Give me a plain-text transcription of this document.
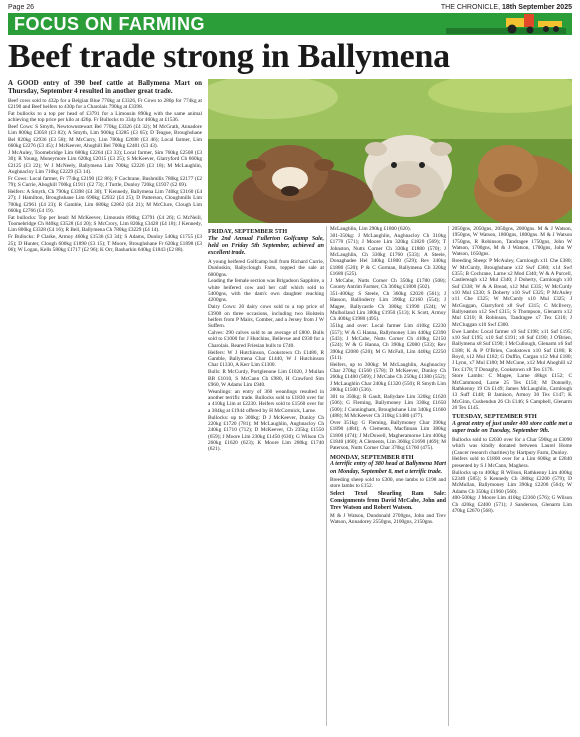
Page 26	THE CHRONICLE, 18th September 2025
FOCUS ON FARMING
Beef trade strong in Ballymena

A GOOD entry of 390 beef cattle at Ballymena Mart on Thursday, September 4 resulted in another great trade.

Beef cows sold to 432p for a Belgian Blue 770kg at £3326, Fr Cows to 286p for 774kg at £2190 and Beef heifers to 430p for a Charolais 790kg at £3398.

Fat bullocks to a top per head of £3791 for a Limousin 890kg with the same animal achieving the top price per kilo at 426p. Fr Bullocks to 334p for 460kg at £1536.

Beef Cows: S Smyth, Newtownstewart Bel 770kg £3326 (£4 32); M McGrath, Annadore Lim 800kg £3058 (£3 82); A Smyth, Lim 900kg £3285 (£3 65); D Teague, Broughshane Bel 820kg £2936 (£3 58); M McCurry, Lim 780kg £2698 (£3 46); Local farmer, Lim 660kg £2276 (£3 45); J McKeever, Ahoghill Bel 700kg £2401 (£3 43).

J McAuley, Toomebridge Lim 680kg £2264 (£3 33); Local farmer, Sim 760kg £2508 (£3 30); R Young, Moneymore Lim 620kg £2015 (£3 25); S McKeever, Glarryford Ch 660kg £2125 (£3 22); W J McNeely, Ballymena Lim 700kg £2226 (£3 18); M McLaughlin, Aughnacloy Lim 710kg £2229 (£3 14).

Fr Cows: Local farmer, Fr 774kg £2190 (£2 86); F Cochrane, Bushmills 780kg £2177 (£2 79); S Currie, Ahoghill 700kg £1911 (£2 73); J Turtle, Dunloy 720kg £1937 (£2 69).

Heifers: A Smyth, Ch 790kg £3398 (£4 30); T Kennedy, Ballymena Lim 740kg £3160 (£4 27); J Hamilton, Broughshane Lim 690kg £2932 (£4 25); D Patterson, Cloughmills Lim 700kg £2961 (£4 23); R Gamble, Lim 680kg £2862 (£4 21); M McClure, Clough Lim 660kg £2766 (£4 19).

Fat bullocks: Top per head: M McKeever, Limousin 890kg £3791 (£4 26); G McNeill, Toomebridge Ch 840kg £3528 (£4 20); S McCrory, Lim 820kg £3428 (£4 18); J Kennedy, Lim 800kg £3328 (£4 16); R Bell, Ballymena Ch 780kg £3229 (£4 14).

Fr Bullocks: P Clarke, Armoy 460kg £1536 (£3 34); S Adams, Dunloy 540kg £1755 (£3 25); D Hunter, Clough 600kg £1890 (£3 15); T Moore, Broughshane Fr 620kg £1898 (£3 06); W Logan, Kells 580kg £1717 (£2 96); K Orr, Rasharkin 640kg £1843 (£2 88).

FRIDAY, SEPTEMBER 5TH

The 2nd Annual Fullerton Golfcamp Sale, held on Friday 5th September, achieved an excellent trade.

A young heifered Golfcamp bull from Richard Currie, Dunloskin, Ballyclough Farm, topped the sale at 6000gns.

Leading the female section was Brigadoon Sapphire, a white heifered cow and her calf which sold to 5400gns, with the dam's own daughter reaching 4200gns.

Dairy Cows: 20 dairy cows sold to a top price of £3900 on three occasions, including two Holstein heifers from P Mairs, Comber, and a Jersey from J W Suffern.

Calves: 290 calves sold to an average of £800. Bulls sold to £1000 for J Hutchins, Bellevue and £930 for a Charolais. Reared Friesian bulls to £740.

Heifers: W J Hutchinson, Cookstown Ch £1480, R Gamble, Ballymena Char £1440, W J Hutchinson Char £1330, A Kerr Lim £1300.

Bulls: R McCurdy, Portglenone Lim £1020, J Mullan BB £1010, S McCann Ch £980, H Crawford Sim £960, W Adams Lim £940.

Weanlings: an entry of 360 weanlings resulted in another terrific trade. Bullocks sold to £1830 over for a 410kg Lim at £2230. Heifers sold to £1560 over for a 384kg at £1944 offered by H McCormick, Larne.

Bullocks: up to 300kg: D J McKeever, Dunloy Ch 220kg £1720 (781); M McLaughlin, Aughnacloy Ch 240kg £1710 (712); D McKeever, Ch 235kg £1550 (659); J Moore Lim 230kg £1450 (630); G Wilson Ch 260kg £1620 (623); K Moore Lim 280kg £1740 (621).

McLaughlin, Lim 290kg £1800 (620).

301-350kg: J McLaughlin, Aughnacloy Ch 310kg £1770 (571); J Moore Lim 320kg £1820 (569); T Johnston, Nutts Corner Ch 330kg £1880 (570); J McLaughlin, Ch 330kg £1760 (533); A Steele, Donaghadee Hel 340kg £1800 (529); Rev 340kg £1880 (520); P & C Gorman, Ballymena Ch 320kg £1680 (525).

J McCabe, Nutts Corner Ch 350kg £1780 (508); County Antrim Farmer, Ch 360kg £1800 (502).

351-400kg: S Steele, Ch 360kg £2020 (561); J Hasson, Ballinderry Lim 390kg £2160 (554); J Magee, Ballycastle Ch 380kg £1990 (524); W Mulholland Lim 380kg £1950 (513); K Scott, Armoy Ch 400kg £1980 (495).

351kg and over: Local farmer Lim 410kg £2230 (557); W & G Hanna, Ballymoney Lim 440kg £2390 (543); J McCabe, Nutts Corner Ch 410kg £2150 (524); W & G Hanna, Ch 390kg £2080 (533); Rev 390kg £2080 (520); M G McFall, Lim 440kg £2250 (511).

Heifers, up to 300kg: M McLaughlin, Aughnacloy Char 270kg £1560 (578); D McKeever, Dunloy Ch 260kg £1480 (569); J McCabe Ch 250kg £1380 (552); J McLaughlin Char 240kg £1320 (550); R Smyth Lim 280kg £1500 (536).

301 to 350kg: R Gault, Ballydare Lim 320kg £1620 (506); G Fleming, Ballymoney Lim 330kg £1650 (500); J Cunningham, Broughshane Lim 340kg £1660 (488); M McKeever Ch 310kg £1480 (477).

Over 351kg: G Fleming, Ballymoney Char 390kg £1890 (484); A Clements, Macfinnan Lim 380kg £1800 (474); J McDowell, Magheramorne Lim 400kg £1840 (460); A Clements, Lim 360kg £1690 (469); M Paterson, Nutts Corner Char 370kg £1760 (475).

MONDAY, SEPTEMBER 8TH

A terrific entry of 380 head at Ballymena Mart on Monday, September 8, met a terrific trade.

Breeding sheep sold to £300, one lambs to £198 and store lambs to £152.

Select Texel Shearling Ram Sale: Consignments from David McCabe, John and Trev Watson and Robert Watson.

M & J Watson, Dundonald 2700gns, John and Trev Watson, Annadorey 2550gns, 2100gns, 2150gns.

2050gns, 2050gns, 2050gns, 2000gns. M & J Watson, 1950gns, W Watson, 1800gns, 1800gns. M & J Watson 1750gns, R Robinson, Tandragee 1750gns, John W Watson, 1700gns, M & J Watson, 1700gns, John W Watson, 1650gns.

Breeding Sheep: P McAuley, Carnlough x11 Che £380; W McCurdy, Broughshane x12 Swf £360; x14 Swf £355; B Cochrane, Larne x2 Mod £340; W & A Purcell, Castlereagh x12 Mul £340; J Doherty, Carnlough x10 Suf £338; W & A Bread, x12 Mul £335; W McCurdy x10 Mul £330; S Doherty x10 Swf £325; P McAuley x11 Che £325; W McCurdy x10 Mul £325; J McGuggan, Glarryford x8 Swf £315; C McIlvery, Ballyeaston x12 Swf £315; S Thompson, Glenarm x12 Mul £310; R Robinson, Tandragee x7 Tex £310; J McCluggan x10 Swf £300.

Ewe Lambs: Local farmer x9 Suf £198; x11 Suf £195; x10 Suf £195; x10 Suf £191; x8 Suf £190; J O'Brien, Ballymena x8 Suf £190; I McCullough, Glenarm x6 Suf £188; K & P O'Brien, Cookstown x10 Suf £186; R Boyd, x12 Mul £182; G Duffin, Cargan x12 Mul £180; J Lynn, x7 Mul £180; M McCune, x12 Mul Ahoghill x2 Tex £178; T Donaghy, Cookstown x8 Tex £176.

Store Lambs: C Magee, Larne 48kgs £152; C McCammond, Larne 25 Tex £150; M Donnelly, Rathkenny 19 Ch £149; James McLaughlin, Carnlough 13 Suff £148; B Jamison, Armoy 30 Tex £147; K McGinn, Cushendun 26 Ch £146; S Campbell, Glenarm 20 Tex £145.

TUESDAY, SEPTEMBER 9TH

A great entry of just under 400 store cattle met a super trade on Tuesday, September 9th.

Bullocks sold to £2030 over for a Char 590kg at £3090 which was kindly donated between Laurel Home (Cancer research charities) by Hartpury Farm, Dunloy.

Heifers sold to £1800 over for a Lim 600kg at £2840 presented by S J McCann, Maghera.

Bullocks up to 400kg: R Wilson, Rathkenny Lim 400kg £2340 (585); S Kennedy Ch 380kg £2200 (579); D McMullan, Ballymoney Lim 390kg £2200 (564); W Adams Ch 350kg £1960 (560).

400-500kg: J Moore Lim 410kg £2360 (576); G Wilson Ch 420kg £2400 (571); J Sanderson, Glenarm Lim 470kg £2670 (568).
